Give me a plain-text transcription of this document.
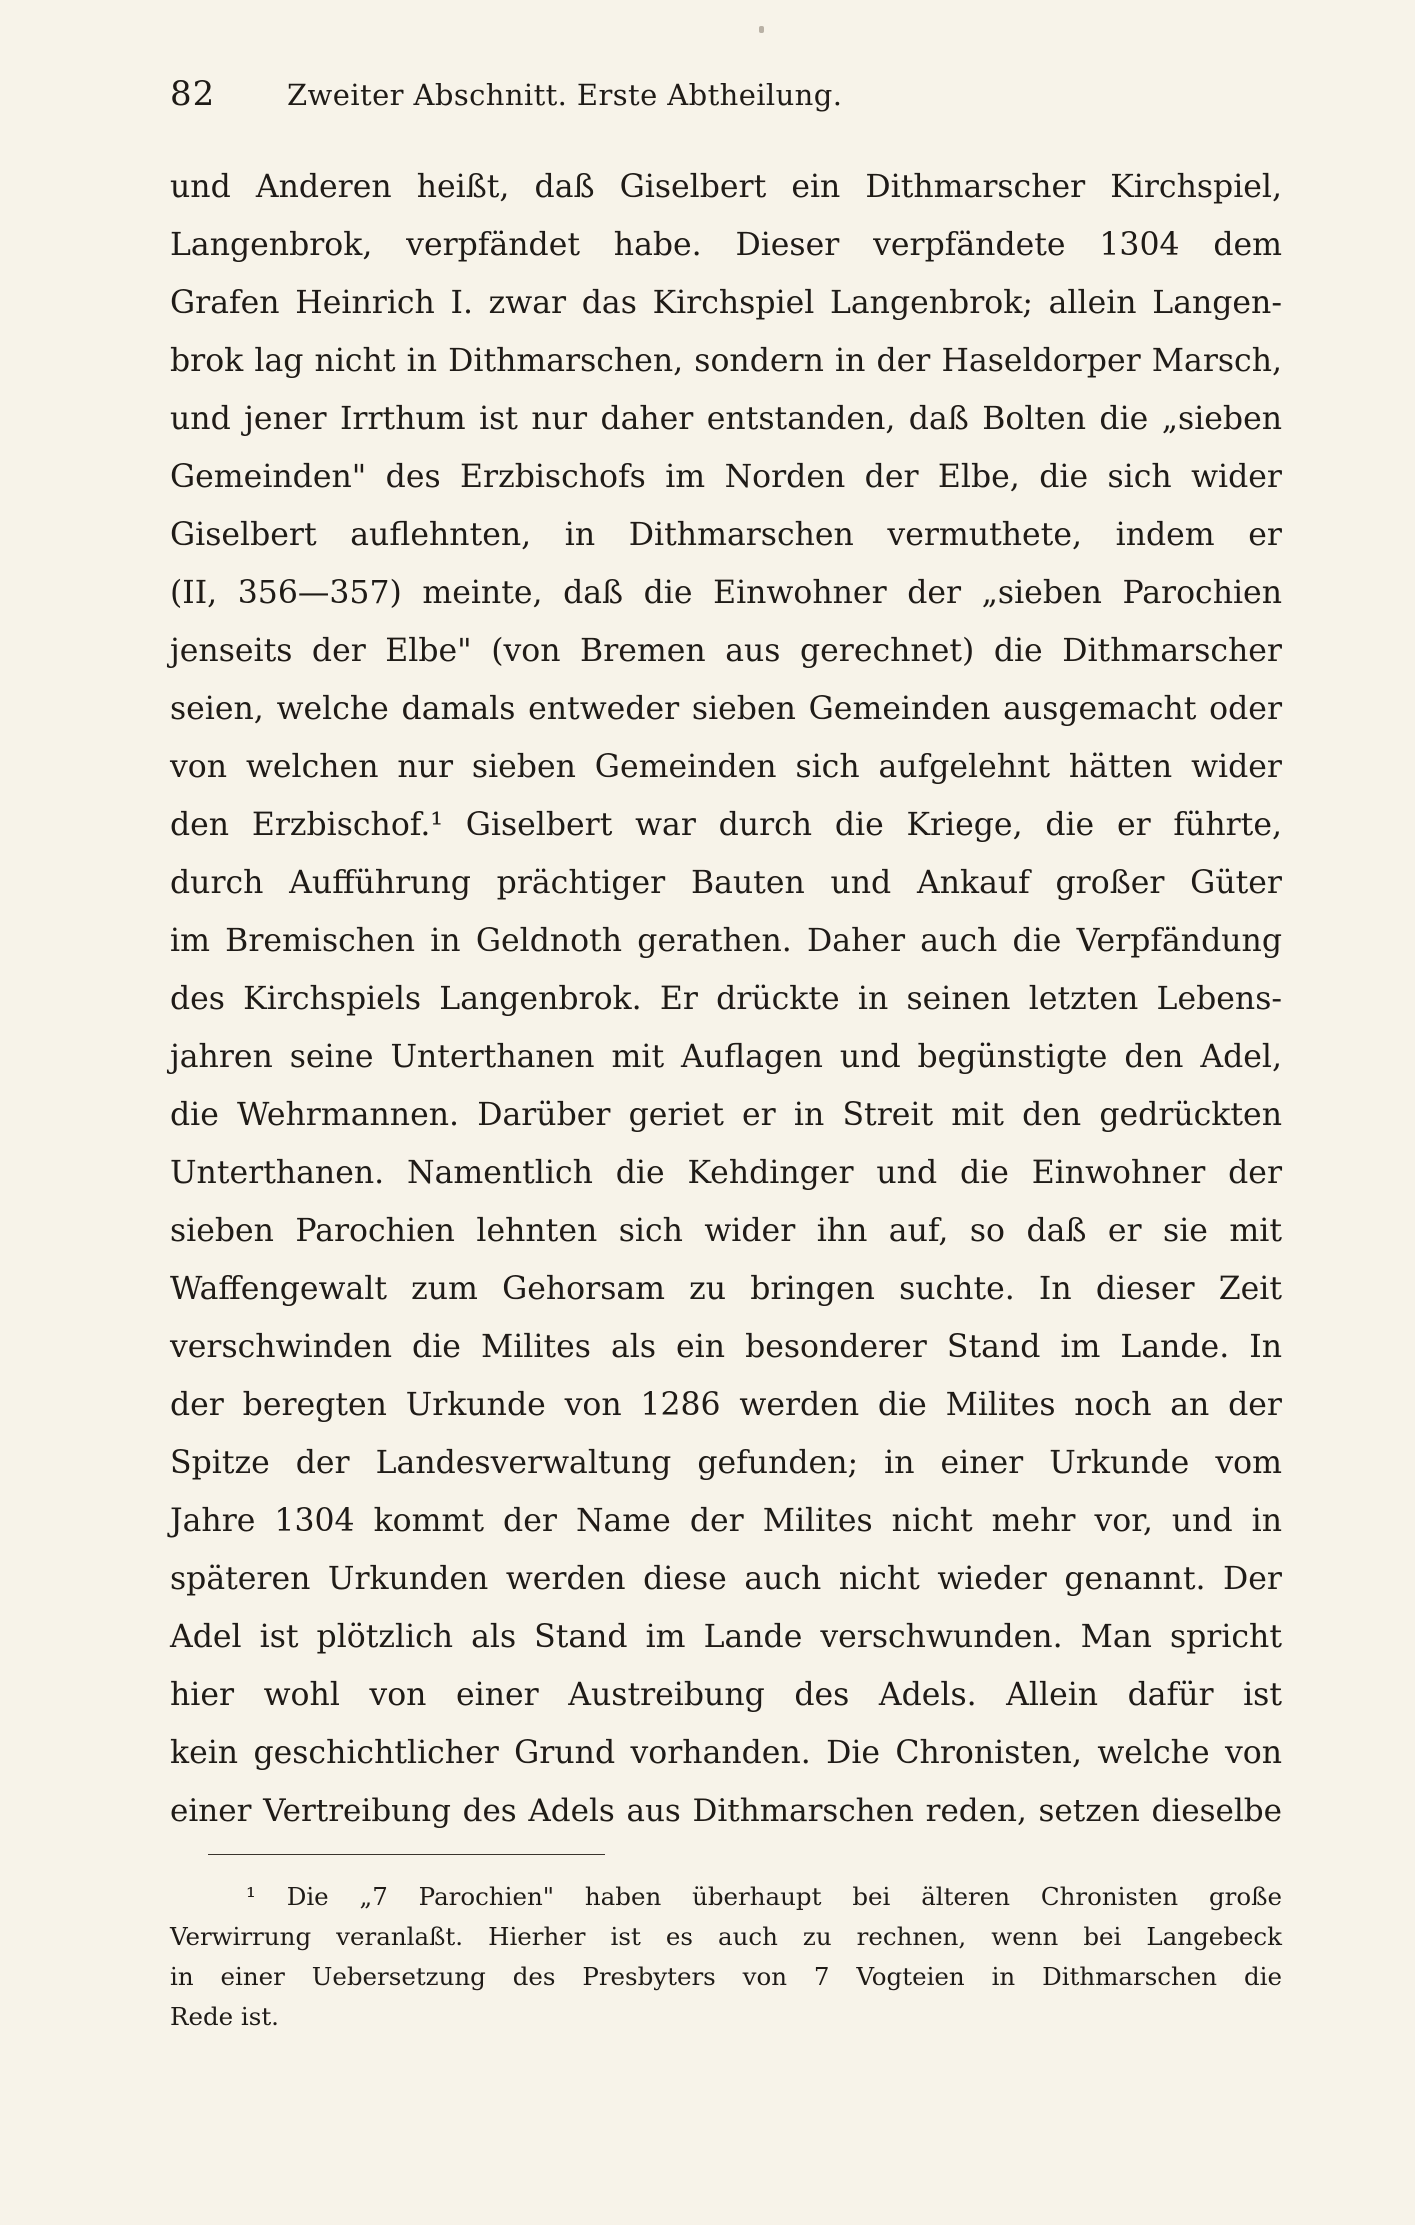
82 Zweiter Abschnitt. Erste Abtheilung.
und Anderen heißt, daß Giselbert ein Dithmarscher Kirchspiel,
Langenbrok, verpfändet habe. Dieser verpfändete 1304 dem
Grafen Heinrich I. zwar das Kirchspiel Langenbrok; allein Langen-
brok lag nicht in Dithmarschen, sondern in der Haseldorper Marsch,
und jener Irrthum ist nur daher entstanden, daß Bolten die „sieben
Gemeinden" des Erzbischofs im Norden der Elbe, die sich wider
Giselbert auflehnten, in Dithmarschen vermuthete, indem er
(II, 356—357) meinte, daß die Einwohner der „sieben Parochien
jenseits der Elbe" (von Bremen aus gerechnet) die Dithmarscher
seien, welche damals entweder sieben Gemeinden ausgemacht oder
von welchen nur sieben Gemeinden sich aufgelehnt hätten wider
den Erzbischof.¹ Giselbert war durch die Kriege, die er führte,
durch Aufführung prächtiger Bauten und Ankauf großer Güter
im Bremischen in Geldnoth gerathen. Daher auch die Verpfändung
des Kirchspiels Langenbrok. Er drückte in seinen letzten Lebens-
jahren seine Unterthanen mit Auflagen und begünstigte den Adel,
die Wehrmannen. Darüber geriet er in Streit mit den gedrückten
Unterthanen. Namentlich die Kehdinger und die Einwohner der
sieben Parochien lehnten sich wider ihn auf, so daß er sie mit
Waffengewalt zum Gehorsam zu bringen suchte. In dieser Zeit
verschwinden die Milites als ein besonderer Stand im Lande. In
der beregten Urkunde von 1286 werden die Milites noch an der
Spitze der Landesverwaltung gefunden; in einer Urkunde vom
Jahre 1304 kommt der Name der Milites nicht mehr vor, und in
späteren Urkunden werden diese auch nicht wieder genannt. Der
Adel ist plötzlich als Stand im Lande verschwunden. Man spricht
hier wohl von einer Austreibung des Adels. Allein dafür ist
kein geschichtlicher Grund vorhanden. Die Chronisten, welche von
einer Vertreibung des Adels aus Dithmarschen reden, setzen dieselbe
¹ Die „7 Parochien" haben überhaupt bei älteren Chronisten große
Verwirrung veranlaßt. Hierher ist es auch zu rechnen, wenn bei Langebeck
in einer Uebersetzung des Presbyters von 7 Vogteien in Dithmarschen die
Rede ist.
